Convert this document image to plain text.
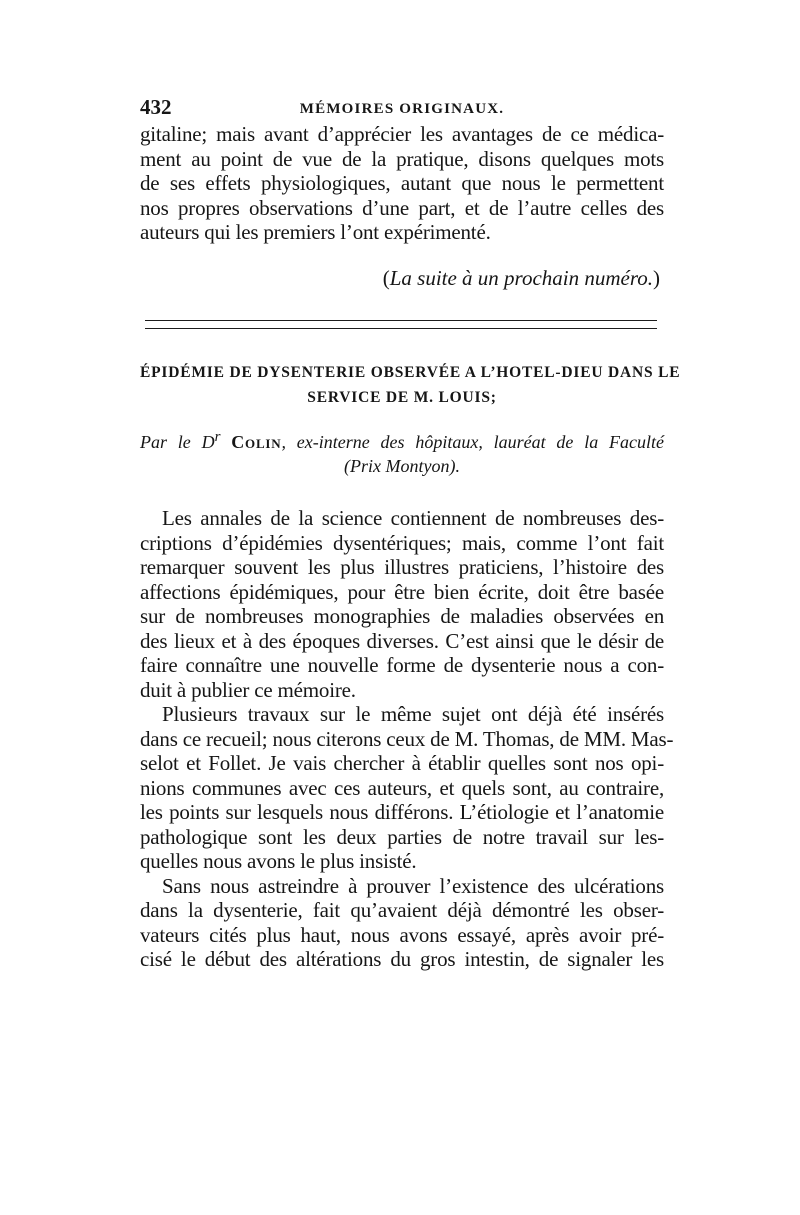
432	MÉMOIRES ORIGINAUX.
gitaline; mais avant d’apprécier les avantages de ce médica-
ment au point de vue de la pratique, disons quelques mots
de ses effets physiologiques, autant que nous le permettent
nos propres observations d’une part, et de l’autre celles des
auteurs qui les premiers l’ont expérimenté.
(La suite à un prochain numéro.)
ÉPIDÉMIE DE DYSENTERIE OBSERVÉE A L’HOTEL-DIEU DANS LE
SERVICE DE M. LOUIS;
Par le $D^r$ Colin, ex-interne des hôpitaux, lauréat de la Faculté
(Prix Montyon).
Les annales de la science contiennent de nombreuses des-
criptions d’épidémies dysentériques; mais, comme l’ont fait
remarquer souvent les plus illustres praticiens, l’histoire des
affections épidémiques, pour être bien écrite, doit être basée
sur de nombreuses monographies de maladies observées en
des lieux et à des époques diverses. C’est ainsi que le désir de
faire connaître une nouvelle forme de dysenterie nous a con-
duit à publier ce mémoire.
Plusieurs travaux sur le même sujet ont déjà été insérés
dans ce recueil; nous citerons ceux de M. Thomas, de MM. Mas-
selot et Follet. Je vais chercher à établir quelles sont nos opi-
nions communes avec ces auteurs, et quels sont, au contraire,
les points sur lesquels nous différons. L’étiologie et l’anatomie
pathologique sont les deux parties de notre travail sur les-
quelles nous avons le plus insisté.
Sans nous astreindre à prouver l’existence des ulcérations
dans la dysenterie, fait qu’avaient déjà démontré les obser-
vateurs cités plus haut, nous avons essayé, après avoir pré-
cisé le début des altérations du gros intestin, de signaler les
